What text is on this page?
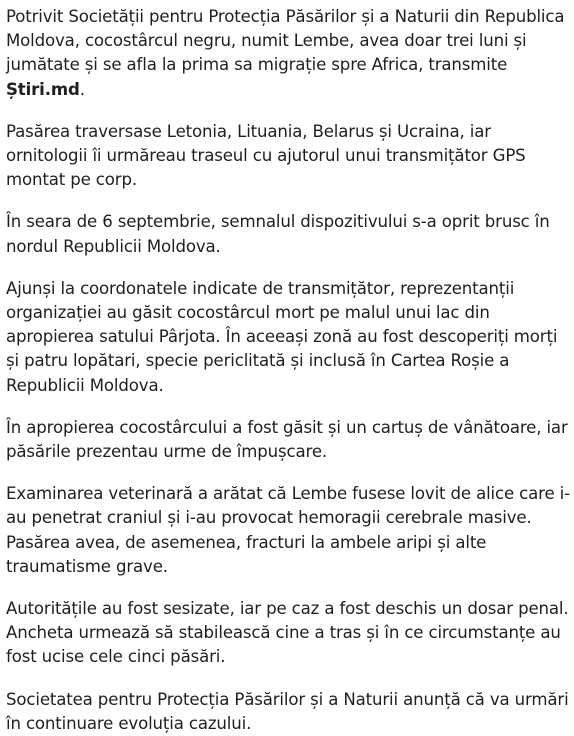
Potrivit Societății pentru Protecția Păsărilor și a Naturii din Republica Moldova, cocostârcul negru, numit Lembe, avea doar trei luni și jumătate și se afla la prima sa migrație spre Africa, transmite Știri.md.

Pasărea traversase Letonia, Lituania, Belarus și Ucraina, iar ornitologii îi urmăreau traseul cu ajutorul unui transmițător GPS montat pe corp.

În seara de 6 septembrie, semnalul dispozitivului s-a oprit brusc în nordul Republicii Moldova.

Ajunși la coordonatele indicate de transmițător, reprezentanții organizației au găsit cocostârcul mort pe malul unui lac din apropierea satului Pârjota. În aceeași zonă au fost descoperiți morți și patru lopătari, specie periclitată și inclusă în Cartea Roșie a Republicii Moldova.

În apropierea cocostârcului a fost găsit și un cartuș de vânătoare, iar păsările prezentau urme de împușcare.

Examinarea veterinară a arătat că Lembe fusese lovit de alice care i-au penetrat craniul și i-au provocat hemoragii cerebrale masive. Pasărea avea, de asemenea, fracturi la ambele aripi și alte traumatisme grave.

Autoritățile au fost sesizate, iar pe caz a fost deschis un dosar penal. Ancheta urmează să stabilească cine a tras și în ce circumstanțe au fost ucise cele cinci păsări.

Societatea pentru Protecția Păsărilor și a Naturii anunță că va urmări în continuare evoluția cazului.
